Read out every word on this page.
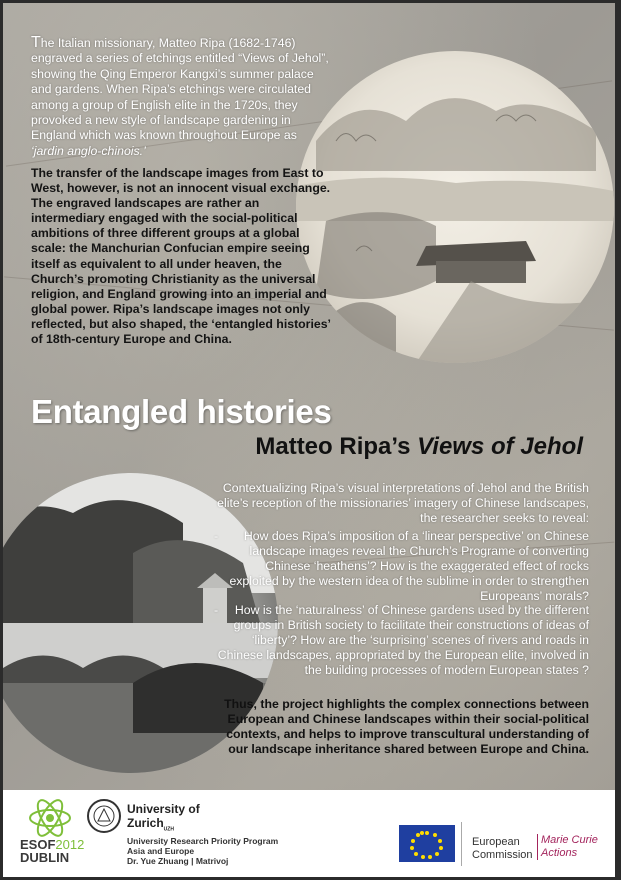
The Italian missionary, Matteo Ripa (1682-1746) engraved a series of etchings entitled “Views of Jehol”, showing the Qing Emperor Kangxi’s summer palace and gardens. When Ripa’s etchings were circulated among a group of English elite in the 1720s, they provoked a new style of landscape gardening in England which was known throughout Europe as ‘jardin anglo-chinois.’
The transfer of the landscape images from East to West, however, is not an innocent visual exchange. The engraved landscapes are rather an intermediary engaged with the social-political ambitions of three different groups at a global scale: the Manchurian Confucian empire seeing itself as equivalent to all under heaven, the Church’s promoting Christianity as the universal religion, and England growing into an imperial and global power. Ripa’s landscape images not only reflected, but also shaped, the ‘entangled histories’ of 18th-century Europe and China.
Entangled histories
Matteo Ripa’s Views of Jehol
Contextualizing Ripa’s visual interpretations of Jehol and the British elite’s reception of the missionaries’ imagery of Chinese landscapes, the researcher seeks to reveal:
- How does Ripa’s imposition of a ‘linear perspective’ on Chinese landscape images reveal the Church’s Programe of converting Chinese ‘heathens’? How is the exaggerated effect of rocks exploited by the western idea of the sublime in order to strengthen Europeans’ morals?
- How is the ‘naturalness’ of Chinese gardens used by the different groups in British society to facilitate their constructions of ideas of ‘liberty’? How are the ‘surprising’ scenes of rivers and roads in Chinese landscapes, appropriated by the European elite, involved in the building processes of modern European states ?
Thus, the project highlights the complex connections between European and Chinese landscapes within their social-political contexts, and helps to improve transcultural understanding of our landscape inheritance shared between Europe and China.
ESOF2012
DUBLIN
University of
Zurich$_{UZH}$
University Research Priority Program
Asia and Europe
Dr. Yue Zhuang | Matrivoj
European
Commission
Marie Curie
Actions
